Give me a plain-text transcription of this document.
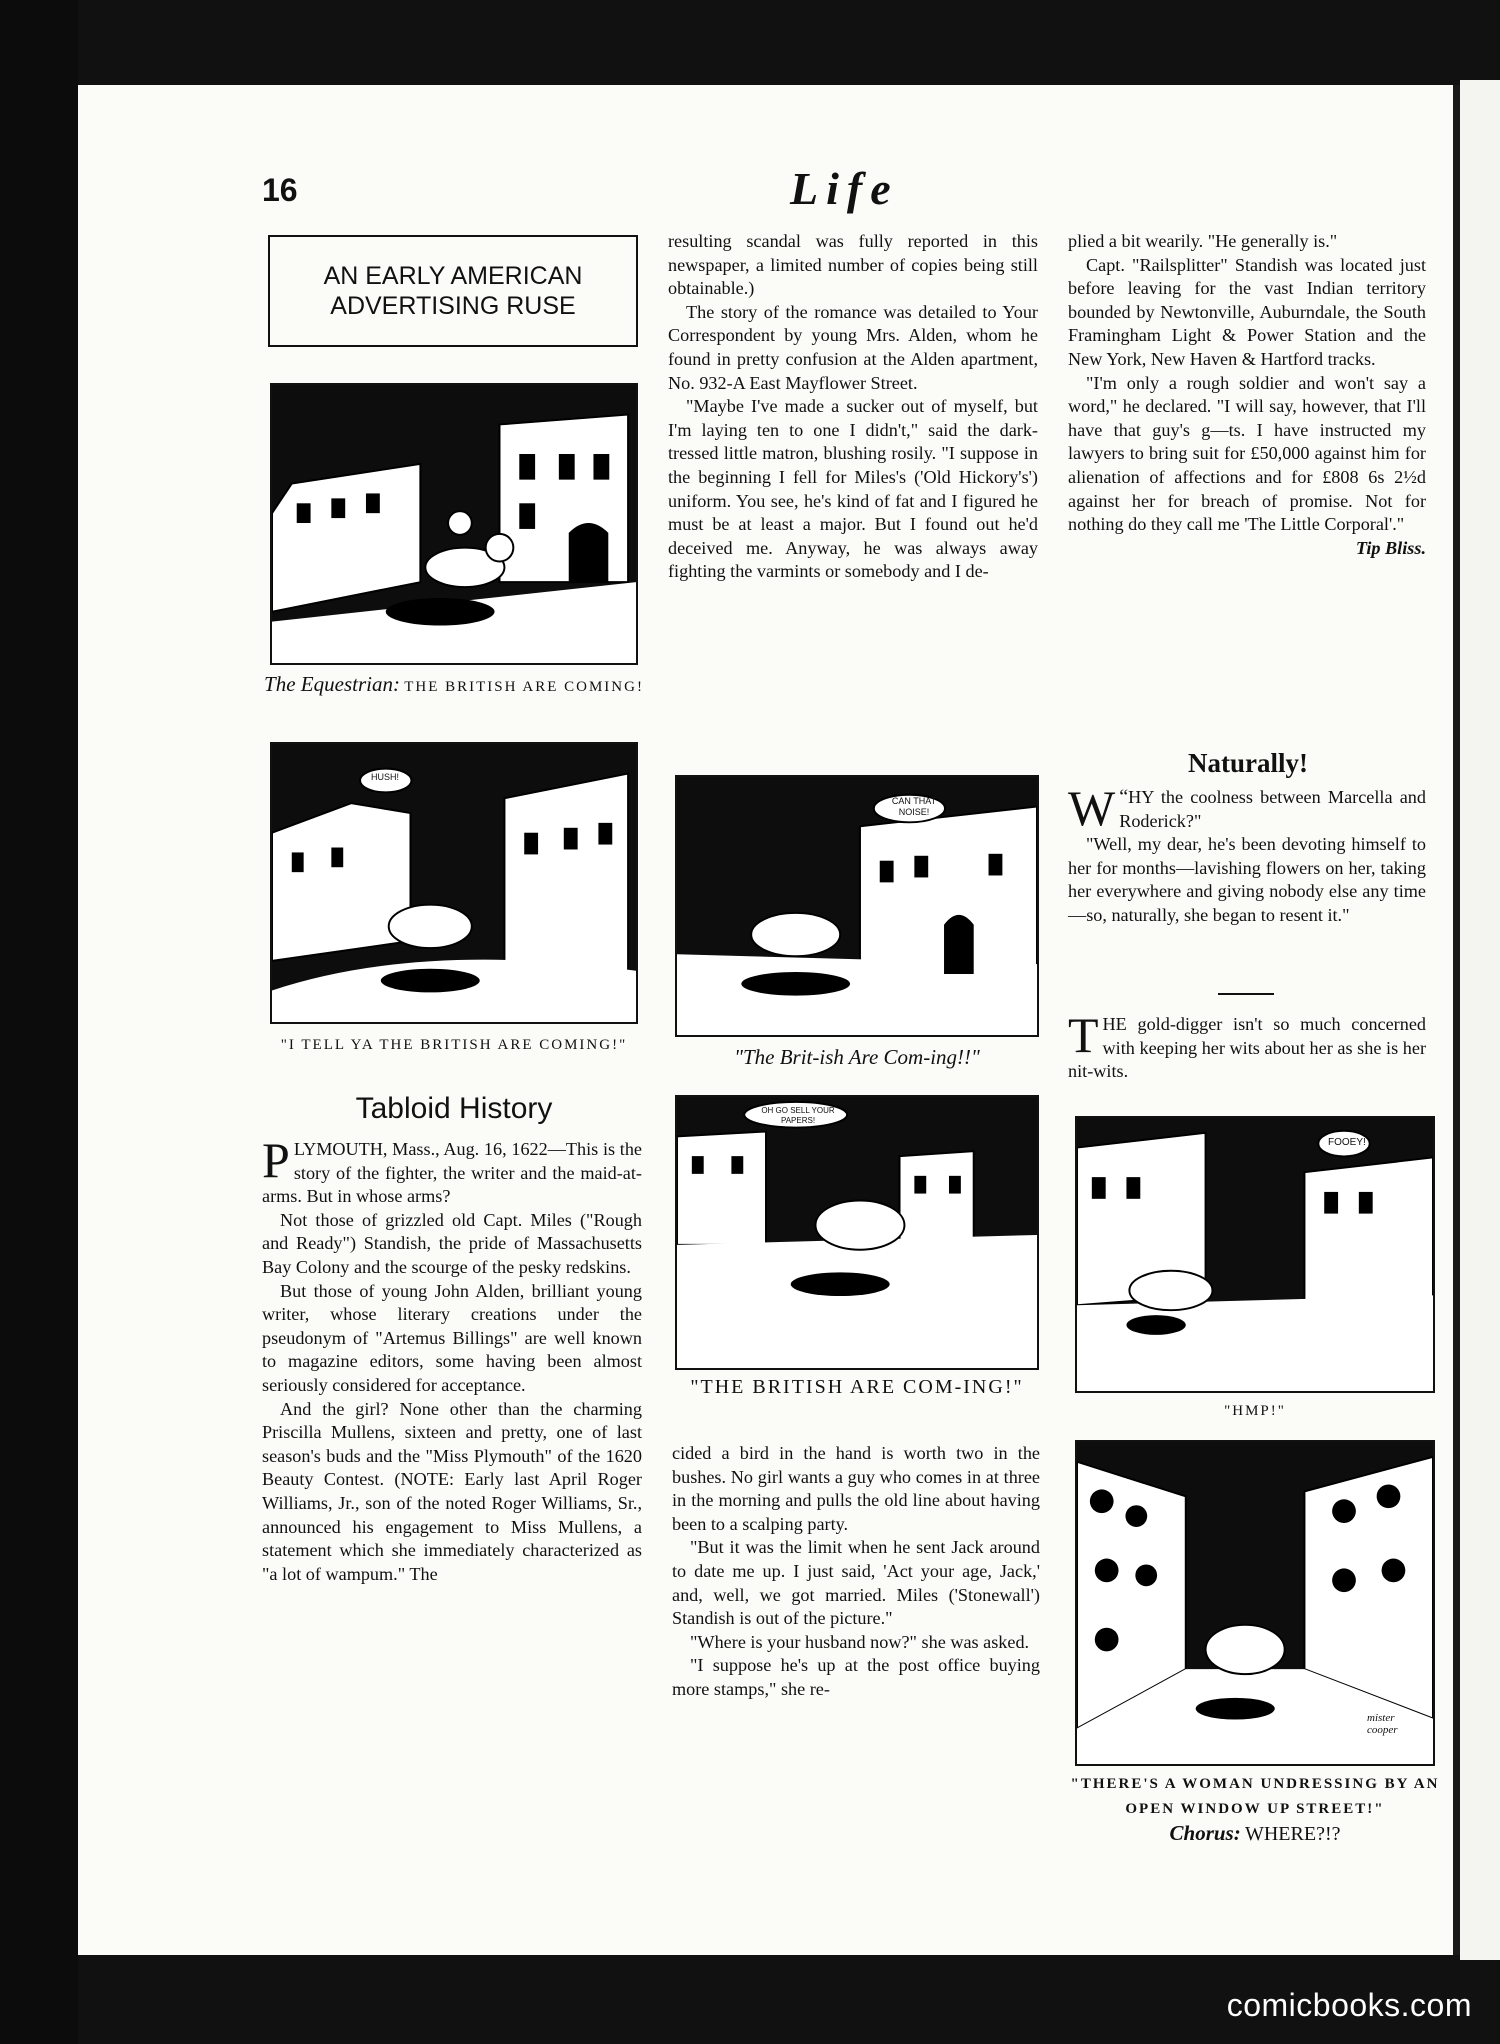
16	Life
AN EARLY AMERICAN ADVERTISING RUSE
The Equestrian: THE BRITISH ARE COMING!
HUSH!
"I TELL YA THE BRITISH ARE COMING!"
CAN THAT NOISE!
"The Brit-ish Are Com-ing!!"
OH GO SELL YOUR PAPERS!
"THE BRITISH ARE COM-ING!"
FOOEY!
"HMP!"
mister cooper
"THERE'S A WOMAN UNDRESSING BY AN OPEN WINDOW UP STREET!"
Chorus: WHERE?!?
Tabloid History

PLYMOUTH, Mass., Aug. 16, 1622—This is the story of the fighter, the writer and the maid-at-arms. But in whose arms?

Not those of grizzled old Capt. Miles ("Rough and Ready") Standish, the pride of Massachusetts Bay Colony and the scourge of the pesky redskins.

But those of young John Alden, brilliant young writer, whose literary creations under the pseudonym of "Artemus Billings" are well known to magazine editors, some having been almost seriously considered for acceptance.

And the girl? None other than the charming Priscilla Mullens, sixteen and pretty, one of last season's buds and the "Miss Plymouth" of the 1620 Beauty Contest. (NOTE: Early last April Roger Williams, Jr., son of the noted Roger Williams, Sr., announced his engagement to Miss Mullens, a statement which she immediately characterized as "a lot of wampum." The

resulting scandal was fully reported in this newspaper, a limited number of copies being still obtainable.)

The story of the romance was detailed to Your Correspondent by young Mrs. Alden, whom he found in pretty confusion at the Alden apartment, No. 932-A East Mayflower Street.

"Maybe I've made a sucker out of myself, but I'm laying ten to one I didn't," said the dark-tressed little matron, blushing rosily. "I suppose in the beginning I fell for Miles's ('Old Hickory's') uniform. You see, he's kind of fat and I figured he must be at least a major. But I found out he'd deceived me. Anyway, he was always away fighting the varmints or somebody and I de-

cided a bird in the hand is worth two in the bushes. No girl wants a guy who comes in at three in the morning and pulls the old line about having been to a scalping party.

"But it was the limit when he sent Jack around to date me up. I just said, 'Act your age, Jack,' and, well, we got married. Miles ('Stonewall') Standish is out of the picture."

"Where is your husband now?" she was asked.

"I suppose he's up at the post office buying more stamps," she re-

plied a bit wearily. "He generally is."

Capt. "Railsplitter" Standish was located just before leaving for the vast Indian territory bounded by Newtonville, Auburndale, the South Framingham Light & Power Station and the New York, New Haven & Hartford tracks.

"I'm only a rough soldier and won't say a word," he declared. "I will say, however, that I'll have that guy's g—ts. I have instructed my lawyers to bring suit for £50,000 against him for alienation of affections and for £808 6s 2½d against her for breach of promise. Not for nothing do they call me 'The Little Corporal'."

Tip Bliss.

Naturally!

“
W HY the coolness between Marcella and Roderick?"

"Well, my dear, he's been devoting himself to her for months—lavishing flowers on her, taking her everywhere and giving nobody else any time—so, naturally, she began to resent it."

THE gold-digger isn't so much concerned with keeping her wits about her as she is her nit-wits.

comicbooks.com
